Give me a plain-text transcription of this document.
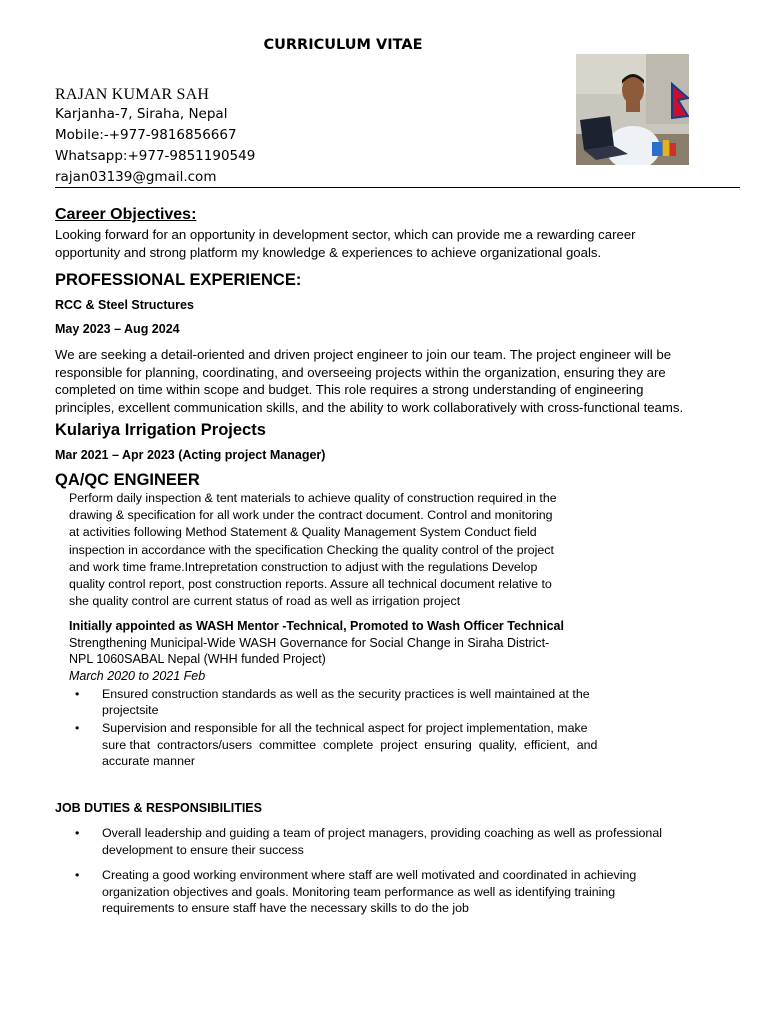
CURRICULUM VITAE
RAJAN KUMAR SAH
Karjanha-7, Siraha, Nepal
Mobile:-+977-9816856667
Whatsapp:+977-9851190549
rajan03139@gmail.com
Career Objectives:
Looking forward for an opportunity in development sector, which can provide me a rewarding career
opportunity and strong platform my knowledge & experiences to achieve organizational goals.
PROFESSIONAL EXPERIENCE:
RCC & Steel Structures
May 2023 – Aug 2024
We are seeking a detail-oriented and driven project engineer to join our team. The project engineer will be
responsible for planning, coordinating, and overseeing projects within the organization, ensuring they are
completed on time within scope and budget. This role requires a strong understanding of engineering
principles, excellent communication skills, and the ability to work collaboratively with cross-functional teams.
Kulariya Irrigation Projects
Mar 2021 – Apr 2023 (Acting project Manager)
QA/QC ENGINEER
Perform daily inspection & tent materials to achieve quality of construction required in the
drawing & specification for all work under the contract document. Control and monitoring
at activities following Method Statement & Quality Management System Conduct field
inspection in accordance with the specification Checking the quality control of the project
and work time frame.Intrepretation construction to adjust with the regulations Develop
quality control report, post construction reports. Assure all technical document relative to
she quality control are current status of road as well as irrigation project
Initially appointed as WASH Mentor -Technical, Promoted to Wash Officer Technical
Strengthening Municipal-Wide WASH Governance for Social Change in Siraha District-
NPL 1060SABAL Nepal (WHH funded Project)
March 2020 to 2021 Feb
• Ensured construction standards as well as the security practices is well maintained at the
projectsite
• Supervision and responsible for all the technical aspect for project implementation, make
sure that  contractors/users  committee  complete  project  ensuring  quality,  efficient,  and
accurate manner
JOB DUTIES & RESPONSIBILITIES
• Overall leadership and guiding a team of project managers, providing coaching as well as professional
development to ensure their success
• Creating a good working environment where staff are well motivated and coordinated in achieving
organization objectives and goals. Monitoring team performance as well as identifying training
requirements to ensure staff have the necessary skills to do the job
